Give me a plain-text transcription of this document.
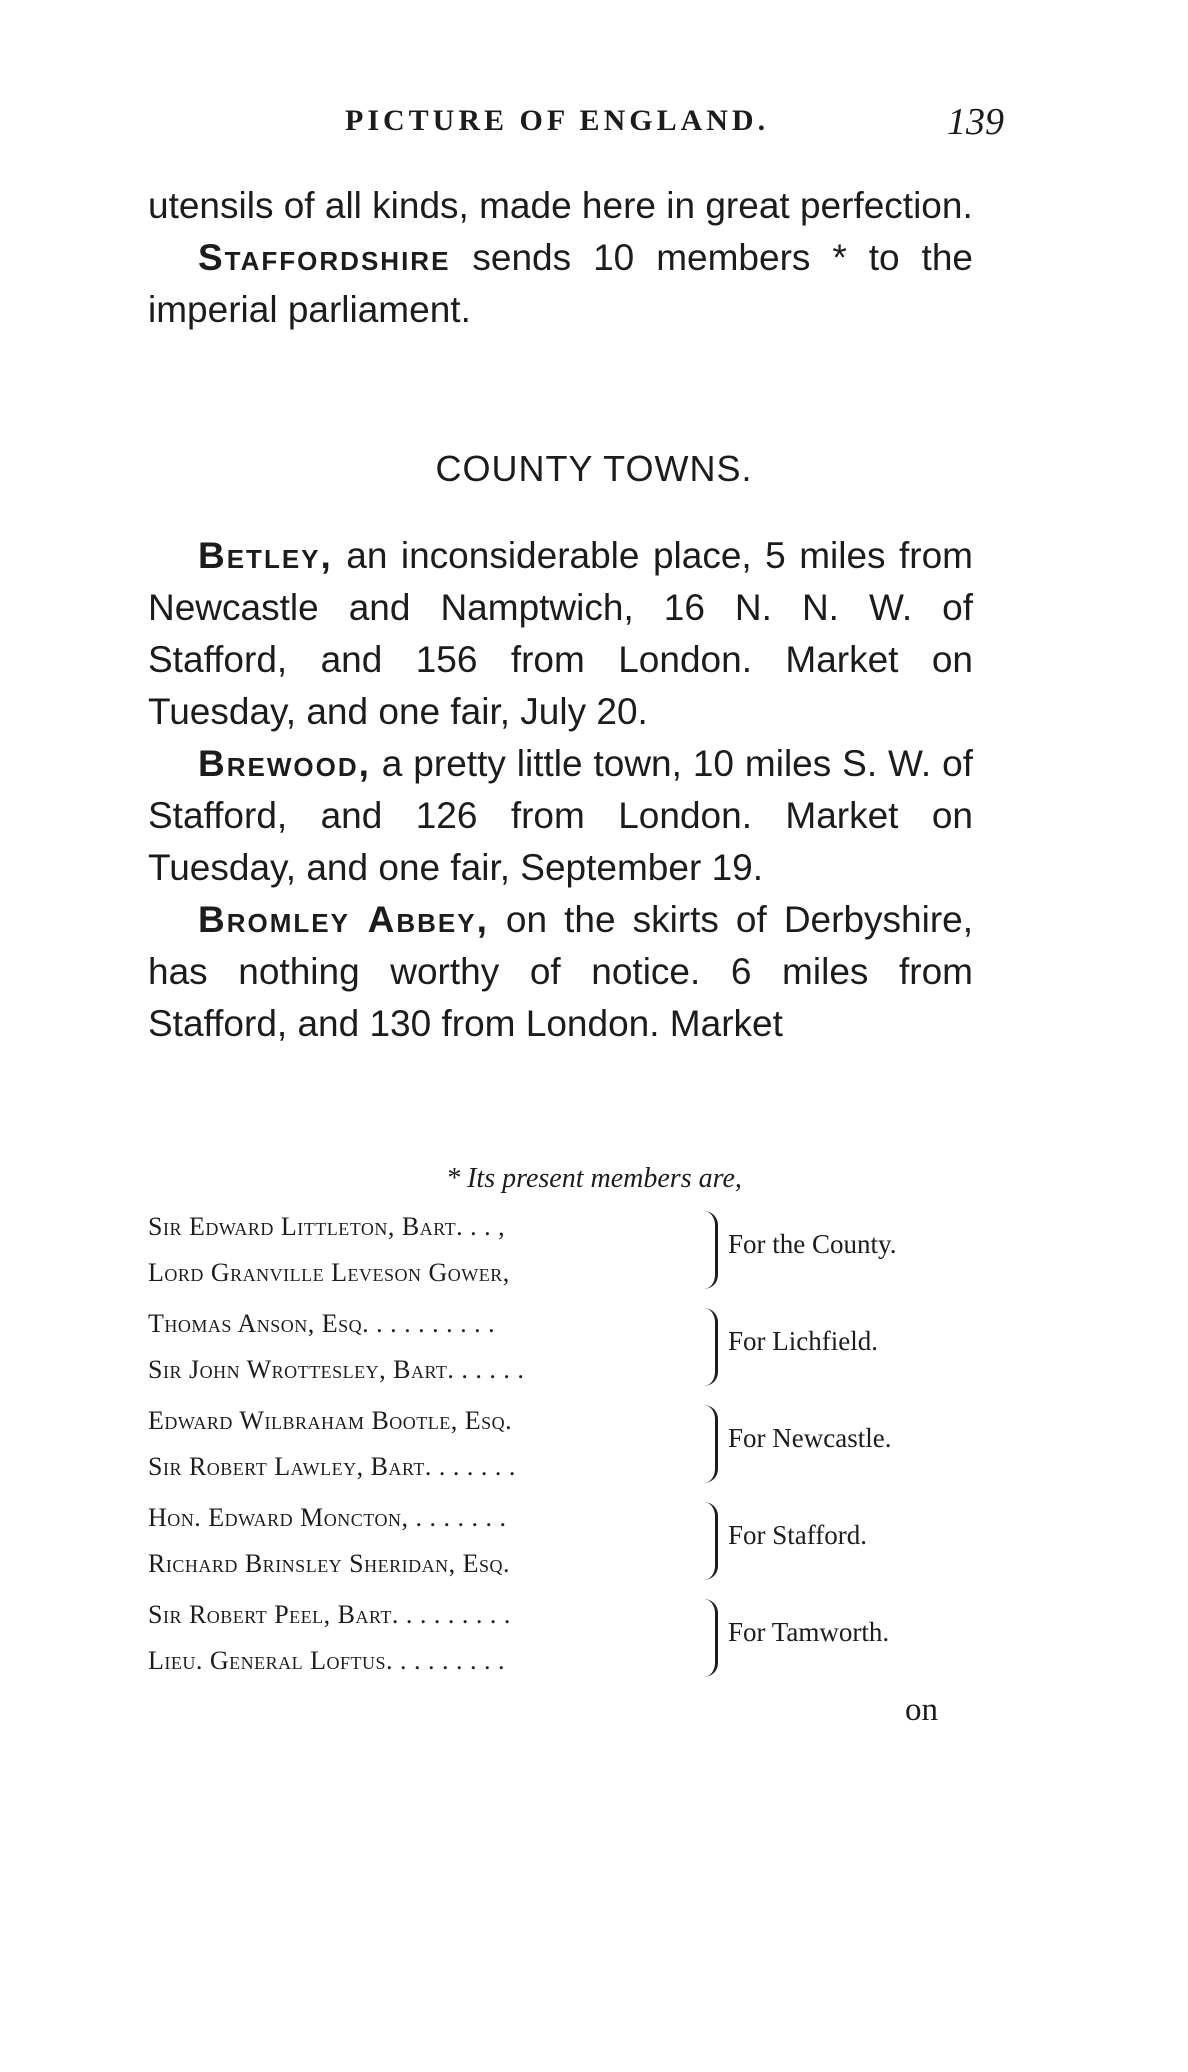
PICTURE OF ENGLAND.	139

utensils of all kinds, made here in great perfection.

Staffordshire sends 10 members * to the imperial parliament.

COUNTY TOWNS.

Betley, an inconsiderable place, 5 miles from Newcastle and Namptwich, 16 N. N. W. of Stafford, and 156 from London. Market on Tuesday, and one fair, July 20.

Brewood, a pretty little town, 10 miles S. W. of Stafford, and 126 from London. Market on Tuesday, and one fair, September 19.

Bromley Abbey, on the skirts of Derbyshire, has nothing worthy of notice. 6 miles from Stafford, and 130 from London. Market

* Its present members are,
Sir Edward Littleton, Bart. . . ,
Lord Granville Leveson Gower,
For the County.
Thomas Anson, Esq. . . . . . . . . .
Sir John Wrottesley, Bart. . . . . .
For Lichfield.
Edward Wilbraham Bootle, Esq.
Sir Robert Lawley, Bart. . . . . . .
For Newcastle.
Hon. Edward Moncton, . . . . . . .
Richard Brinsley Sheridan, Esq.
For Stafford.
Sir Robert Peel, Bart. . . . . . . . .
Lieu. General Loftus. . . . . . . . .
For Tamworth.
on
